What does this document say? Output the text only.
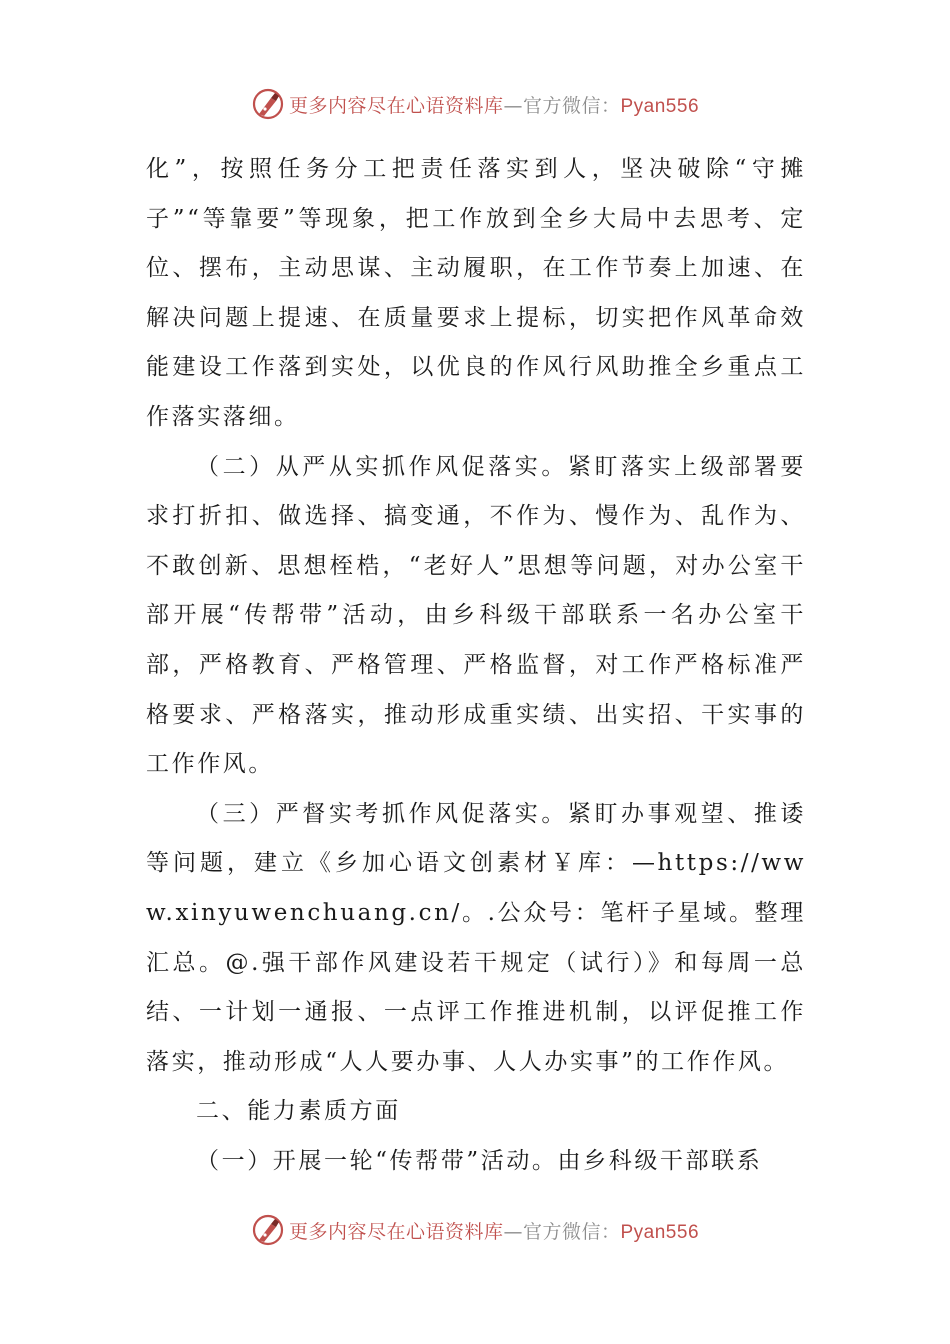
更多内容尽在心语资料库—官方微信：Pyan556

化”，按照任务分工把责任落实到人，坚决破除“守摊子”“等靠要”等现象，把工作放到全乡大局中去思考、定位、摆布，主动思谋、主动履职，在工作节奏上加速、在解决问题上提速、在质量要求上提标，切实把作风革命效能建设工作落到实处，以优良的作风行风助推全乡重点工作落实落细。

（二）从严从实抓作风促落实。紧盯落实上级部署要求打折扣、做选择、搞变通，不作为、慢作为、乱作为、不敢创新、思想桎梏，“老好人”思想等问题，对办公室干部开展“传帮带”活动，由乡科级干部联系一名办公室干部，严格教育、严格管理、严格监督，对工作严格标准严格要求、严格落实，推动形成重实绩、出实招、干实事的工作作风。

（三）严督实考抓作风促落实。紧盯办事观望、推诿等问题，建立《乡加心语文创素材￥库：—https://www.xinyuwenchuang.cn/。.公众号：笔杆子星域。整理汇总。@.强干部作风建设若干规定（试行）》和每周一总结、一计划一通报、一点评工作推进机制，以评促推工作落实，推动形成“人人要办事、人人办实事”的工作作风。

二、能力素质方面

（一）开展一轮“传帮带”活动。由乡科级干部联系

更多内容尽在心语资料库—官方微信：Pyan556
